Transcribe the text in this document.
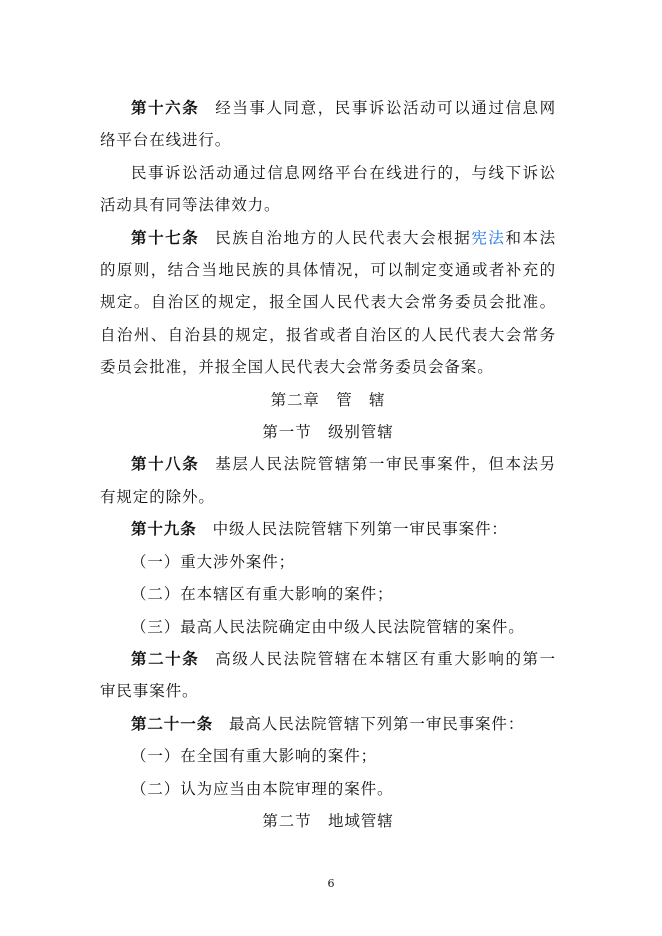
第十六条 经当事人同意，民事诉讼活动可以通过信息网络平台在线进行。

民事诉讼活动通过信息网络平台在线进行的，与线下诉讼活动具有同等法律效力。

第十七条 民族自治地方的人民代表大会根据宪法和本法的原则，结合当地民族的具体情况，可以制定变通或者补充的规定。自治区的规定，报全国人民代表大会常务委员会批准。自治州、自治县的规定，报省或者自治区的人民代表大会常务委员会批准，并报全国人民代表大会常务委员会备案。

第二章　管　辖

第一节　级别管辖

第十八条 基层人民法院管辖第一审民事案件，但本法另有规定的除外。

第十九条 中级人民法院管辖下列第一审民事案件：

（一）重大涉外案件；

（二）在本辖区有重大影响的案件；

（三）最高人民法院确定由中级人民法院管辖的案件。

第二十条 高级人民法院管辖在本辖区有重大影响的第一审民事案件。

第二十一条 最高人民法院管辖下列第一审民事案件：

（一）在全国有重大影响的案件；

（二）认为应当由本院审理的案件。

第二节　地域管辖

6
